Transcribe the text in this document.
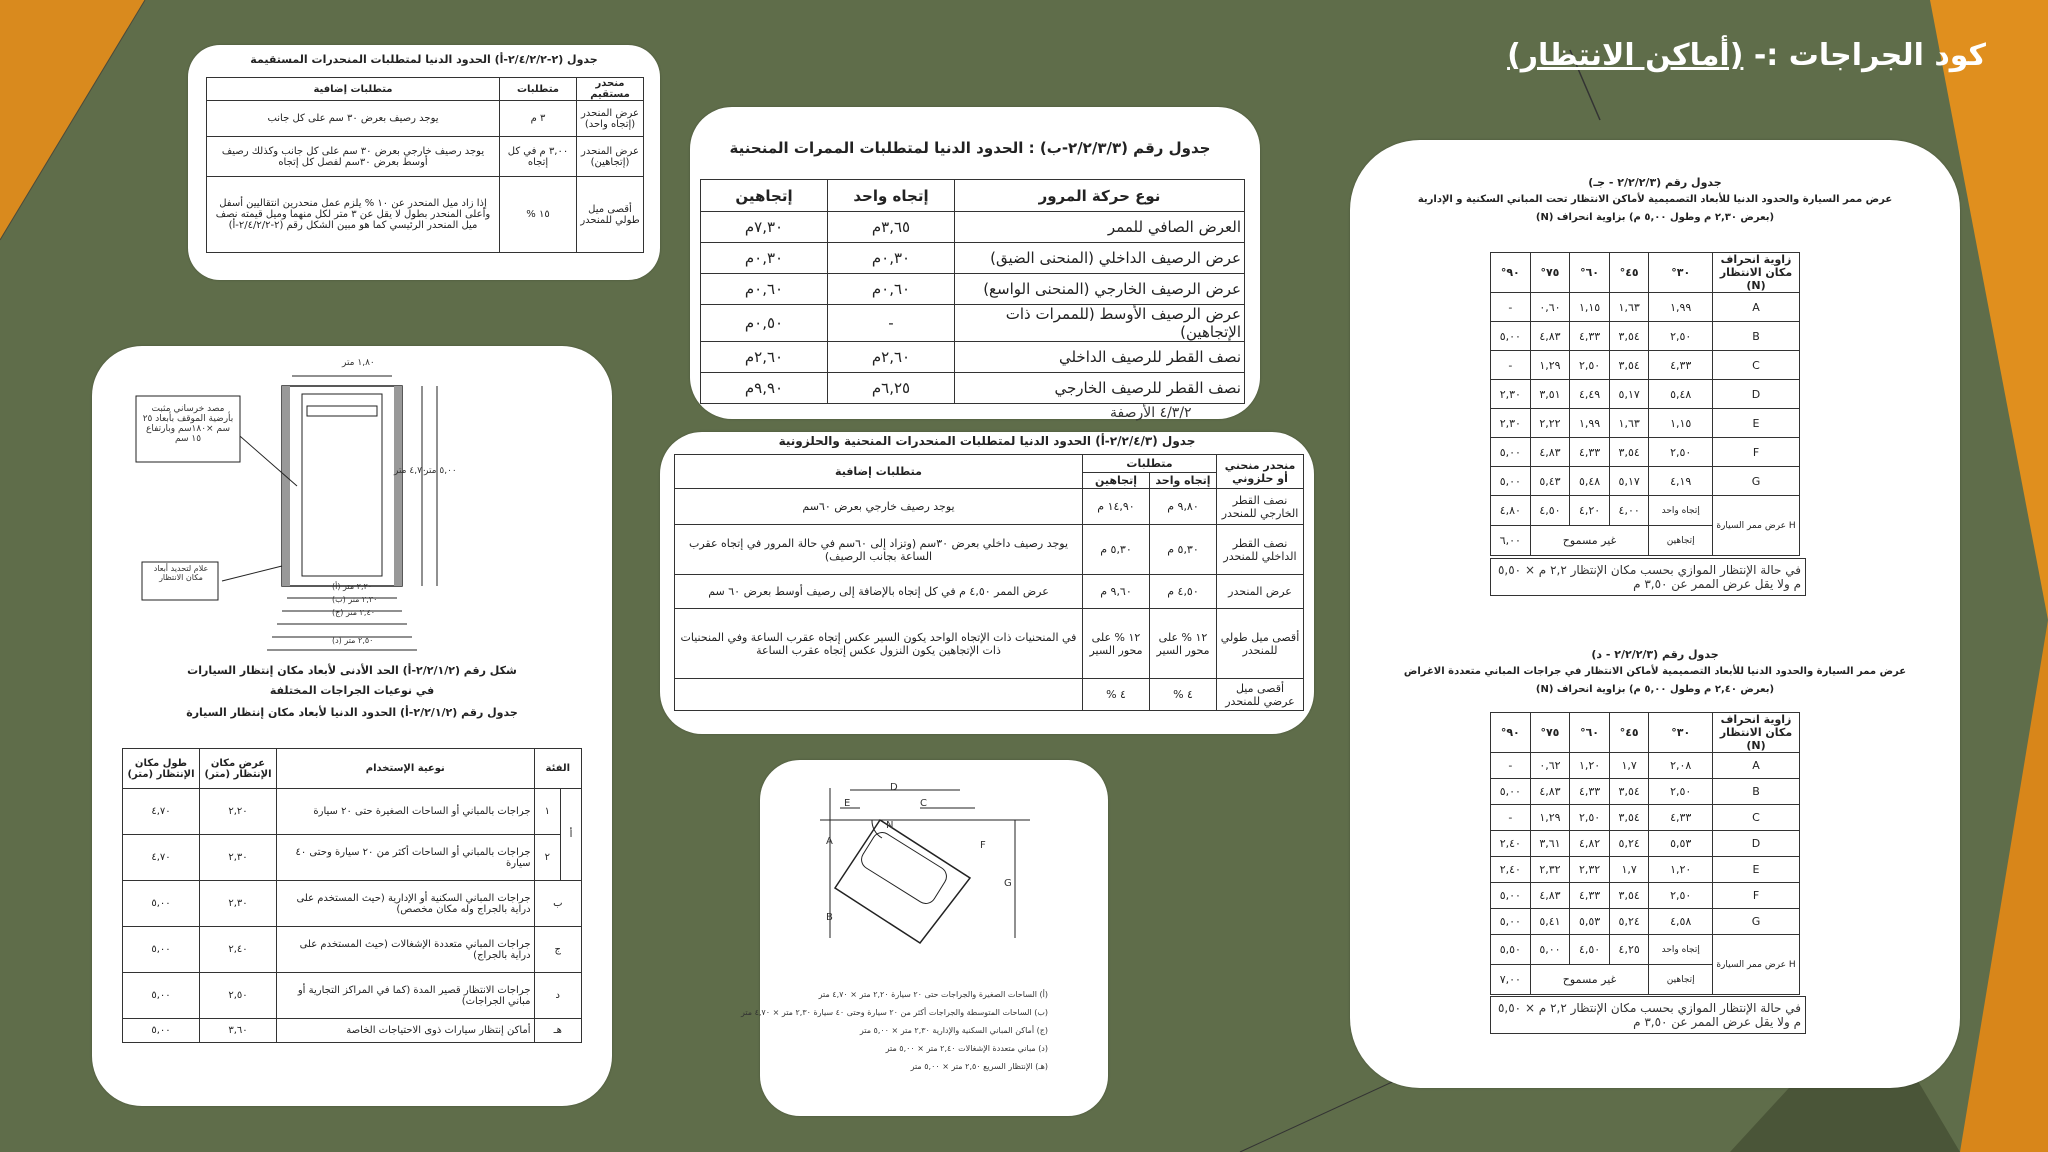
كود الجراجات :- (أماكن الانتظار)
جدول (٢-٢/٤/٢/٢-أ) الحدود الدنيا لمتطلبات المنحدرات المستقيمة
منحدر مستقيم	متطلبات	متطلبات إضافية
عرض المنحدر (إتجاه واحد)	٣ م	يوجد رصيف بعرض ٣٠ سم على كل جانب
عرض المنحدر (إتجاهين)	٣,٠٠ م في كل إتجاه	يوجد رصيف خارجي بعرض ٣٠ سم على كل جانب وكذلك رصيف أوسط بعرض ٣٠سم لفصل كل إتجاه
أقصى ميل طولي للمنحدر	١٥ %	إذا زاد ميل المنحدر عن ١٠ % يلزم عمل منحدرين انتقاليين أسفل وأعلى المنحدر بطول لا يقل عن ٣ متر لكل منهما وميل قيمته نصف ميل المنحدر الرئيسي كما هو مبين الشكل رقم (٢-٢/٤/٢/٢-أ)
جدول رقم (٢/٢/٣/٣-ب) : الحدود الدنيا لمتطلبات الممرات المنحنية
نوع حركة المرور	إتجاه واحد	إتجاهين
العرض الصافي للممر	٣,٦٥م	٧,٣٠م
عرض الرصيف الداخلي (المنحنى الضيق)	٠,٣٠م	٠,٣٠م
عرض الرصيف الخارجي (المنحنى الواسع)	٠,٦٠م	٠,٦٠م
عرض الرصيف الأوسط (للممرات ذات الإتجاهين)	-	٠,٥٠م
نصف القطر للرصيف الداخلي	٢,٦٠م	٢,٦٠م
نصف القطر للرصيف الخارجي	٦,٢٥م	٩,٩٠م
٤/٣/٢ الأرصفة
جدول (٢/٢/٤/٣-أ) الحدود الدنيا لمتطلبات المنحدرات المنحنية والحلزونية
منحدر منحني أو حلزوني	متطلبات		متطلبات إضافية
	إتجاه واحد	إتجاهين	
نصف القطر الخارجي للمنحدر	٩,٨٠ م	١٤,٩٠ م	يوجد رصيف خارجي بعرض ٦٠سم
نصف القطر الداخلي للمنحدر	٥,٣٠ م	٥,٣٠ م	يوجد رصيف داخلي بعرض ٣٠سم (وتزاد إلى ٦٠سم في حالة المرور في إتجاه عقرب الساعة بجانب الرصيف)
عرض المنحدر	٤,٥٠ م	٩,٦٠ م	عرض الممر ٤,٥٠ م في كل إتجاه بالإضافة إلى رصيف أوسط بعرض ٦٠ سم
أقصى ميل طولي للمنحدر	١٢ % على محور السير	١٢ % على محور السير	في المنحنيات ذات الإتجاه الواحد يكون السير عكس إتجاه عقرب الساعة وفي المنحنيات ذات الإتجاهين يكون النزول عكس إتجاه عقرب الساعة
أقصى ميل عرضي للمنحدر	٤ %	٤ %	
مصد خرساني مثبت بأرضية الموقف بأبعاد ٢٥ سم ×١٨٠سم وبارتفاع ١٥ سم
علام لتحديد أبعاد مكان الانتظار
١,٨٠ متر
٥,٠٠ متر
٤,٧٠ متر
٢,٢٠ متر (أ)
٢,٣٠ متر (ب)
٢,٤٠ متر (ج)
٢,٥٠ متر (د)
شكل رقم (٢/٢/١/٢-أ) الحد الأدنى لأبعاد مكان إنتظار السيارات
في نوعيات الجراجات المختلفة
جدول رقم (٢/٢/١/٢-أ) الحدود الدنيا لأبعاد مكان إنتظار السيارة
الفئة		نوعية الإستخدام	عرض مكان الإنتظار (متر)	طول مكان الإنتظار (متر)
أ	١	جراجات بالمباني أو الساحات الصغيرة حتى ٢٠ سيارة	٢,٢٠	٤,٧٠
	٢	جراجات بالمباني أو الساحات أكثر من ٢٠ سيارة وحتى ٤٠ سيارة	٢,٣٠	٤,٧٠
ب		جراجات المباني السكنية أو الإدارية (حيث المستخدم على دراية بالجراج وله مكان مخصص)	٢,٣٠	٥,٠٠
ج		جراجات المباني متعددة الإشغالات (حيث المستخدم على دراية بالجراج)	٢,٤٠	٥,٠٠
د		جراجات الانتظار قصير المدة (كما في المراكز التجارية أو مباني الجراجات)	٢,٥٠	٥,٠٠
هـ		أماكن إنتظار سيارات ذوى الاحتياجات الخاصة	٣,٦٠	٥,٠٠
D
E	C
A
B
N
F
G
(أ) الساحات الصغيرة والجراجات حتى ٢٠ سيارة ٢,٢٠ متر × ٤,٧٠ متر
(ب) الساحات المتوسطة والجراجات أكثر من ٢٠ سيارة وحتى ٤٠ سيارة ٢,٣٠ متر × ٤,٧٠ متر
(ج) أماكن المباني السكنية والإدارية ٢,٣٠ متر × ٥,٠٠ متر
(د) مباني متعددة الإشغالات ٢,٤٠ متر × ٥,٠٠ متر
(هـ) الإنتظار السريع ٢,٥٠ متر × ٥,٠٠ متر
جدول رقم (٢/٢/٢/٣ - جـ)
عرض ممر السيارة والحدود الدنيا للأبعاد التصميمية لأماكن الانتظار تحت المباني السكنية و الإدارية
(بعرض ٢,٣٠ م وطول ٥,٠٠ م) بزاوية انحراف (N)
زاوية انحراف مكان الانتظار (N)	٣٠°	٤٥°	٦٠°	٧٥°	٩٠°
A	١,٩٩	١,٦٣	١,١٥	٠,٦٠	-
B	٢,٥٠	٣,٥٤	٤,٣٣	٤,٨٣	٥,٠٠
C	٤,٣٣	٣,٥٤	٢,٥٠	١,٢٩	-
D	٥,٤٨	٥,١٧	٤,٤٩	٣,٥١	٢,٣٠
E	١,١٥	١,٦٣	١,٩٩	٢,٢٢	٢,٣٠
F	٢,٥٠	٣,٥٤	٤,٣٣	٤,٨٣	٥,٠٠
G	٤,١٩	٥,١٧	٥,٤٨	٥,٤٣	٥,٠٠
H عرض ممر السيارة	إتجاه واحد	٤,٠٠	٤,٢٠	٤,٥٠	٤,٨٠
	إتجاهين	غير مسموح			٦,٠٠
في حالة الإنتظار الموازي بحسب مكان الإنتظار ٢,٢ م × ٥,٥٠ م ولا يقل عرض الممر عن ٣,٥٠ م
جدول رقم (٢/٢/٢/٣ - د)
عرض ممر السيارة والحدود الدنيا للأبعاد التصميمية لأماكن الانتظار في جراجات المباني متعددة الاغراض
(بعرض ٢,٤٠ م وطول ٥,٠٠ م) بزاوية انحراف (N)
زاوية انحراف مكان الانتظار (N)	٣٠°	٤٥°	٦٠°	٧٥°	٩٠°
A	٢,٠٨	١,٧	١,٢٠	٠,٦٢	-
B	٢,٥٠	٣,٥٤	٤,٣٣	٤,٨٣	٥,٠٠
C	٤,٣٣	٣,٥٤	٢,٥٠	١,٢٩	-
D	٥,٥٣	٥,٢٤	٤,٨٢	٣,٦١	٢,٤٠
E	١,٢٠	١,٧	٢,٣٢	٢,٣٢	٢,٤٠
F	٢,٥٠	٣,٥٤	٤,٣٣	٤,٨٣	٥,٠٠
G	٤,٥٨	٥,٢٤	٥,٥٣	٥,٤١	٥,٠٠
H عرض ممر السيارة	إتجاه واحد	٤,٢٥	٤,٥٠	٥,٠٠	٥,٥٠
	إتجاهين	غير مسموح			٧,٠٠
في حالة الإنتظار الموازي بحسب مكان الإنتظار ٢,٢ م × ٥,٥٠ م ولا يقل عرض الممر عن ٣,٥٠ م
